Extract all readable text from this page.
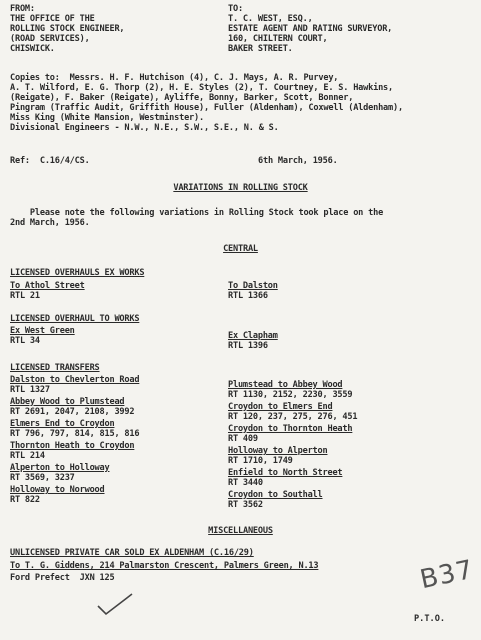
FROM:
THE OFFICE OF THE
ROLLING STOCK ENGINEER,
(ROAD SERVICES),
CHISWICK.
TO:
T. C. WEST, ESQ.,
ESTATE AGENT AND RATING SURVEYOR,
160, CHILTERN COURT,
BAKER STREET.
Copies to:  Messrs. H. F. Hutchison (4), C. J. Mays, A. R. Purvey,
A. T. Wilford, E. G. Thorp (2), H. E. Styles (2), T. Courtney, E. S. Hawkins,
(Reigate), F. Baker (Reigate), Ayliffe, Bonny, Barker, Scott, Bonner,
Pingram (Traffic Audit, Griffith House), Fuller (Aldenham), Coxwell (Aldenham),
Miss King (White Mansion, Westminster).
Divisional Engineers - N.W., N.E., S.W., S.E., N. & S.
Ref:  C.16/4/CS.	6th March, 1956.
VARIATIONS IN ROLLING STOCK
Please note the following variations in Rolling Stock took place on the
2nd March, 1956.
CENTRAL
LICENSED OVERHAULS EX WORKS
To Athol Street
RTL 21
To Dalston
RTL 1366
LICENSED OVERHAUL TO WORKS
Ex West Green
RTL 34	Ex Clapham
RTL 1396
LICENSED TRANSFERS
Dalston to Chevlerton Road
RTL 1327
Abbey Wood to Plumstead
RT 2691, 2047, 2108, 3992
Elmers End to Croydon
RT 796, 797, 814, 815, 816
Thornton Heath to Croydon
RTL 214
Alperton to Holloway
RT 3569, 3237
Holloway to Norwood
RT 822
Plumstead to Abbey Wood
RT 1130, 2152, 2230, 3559
Croydon to Elmers End
RT 120, 237, 275, 276, 451
Croydon to Thornton Heath
RT 409
Holloway to Alperton
RT 1710, 1749
Enfield to North Street
RT 3440
Croydon to Southall
RT 3562
MISCELLANEOUS
UNLICENSED PRIVATE CAR SOLD EX ALDENHAM (C.16/29)
To T. G. Giddens, 214 Palmarston Crescent, Palmers Green, N.13
Ford Prefect  JXN 125	B37
P.T.O.
